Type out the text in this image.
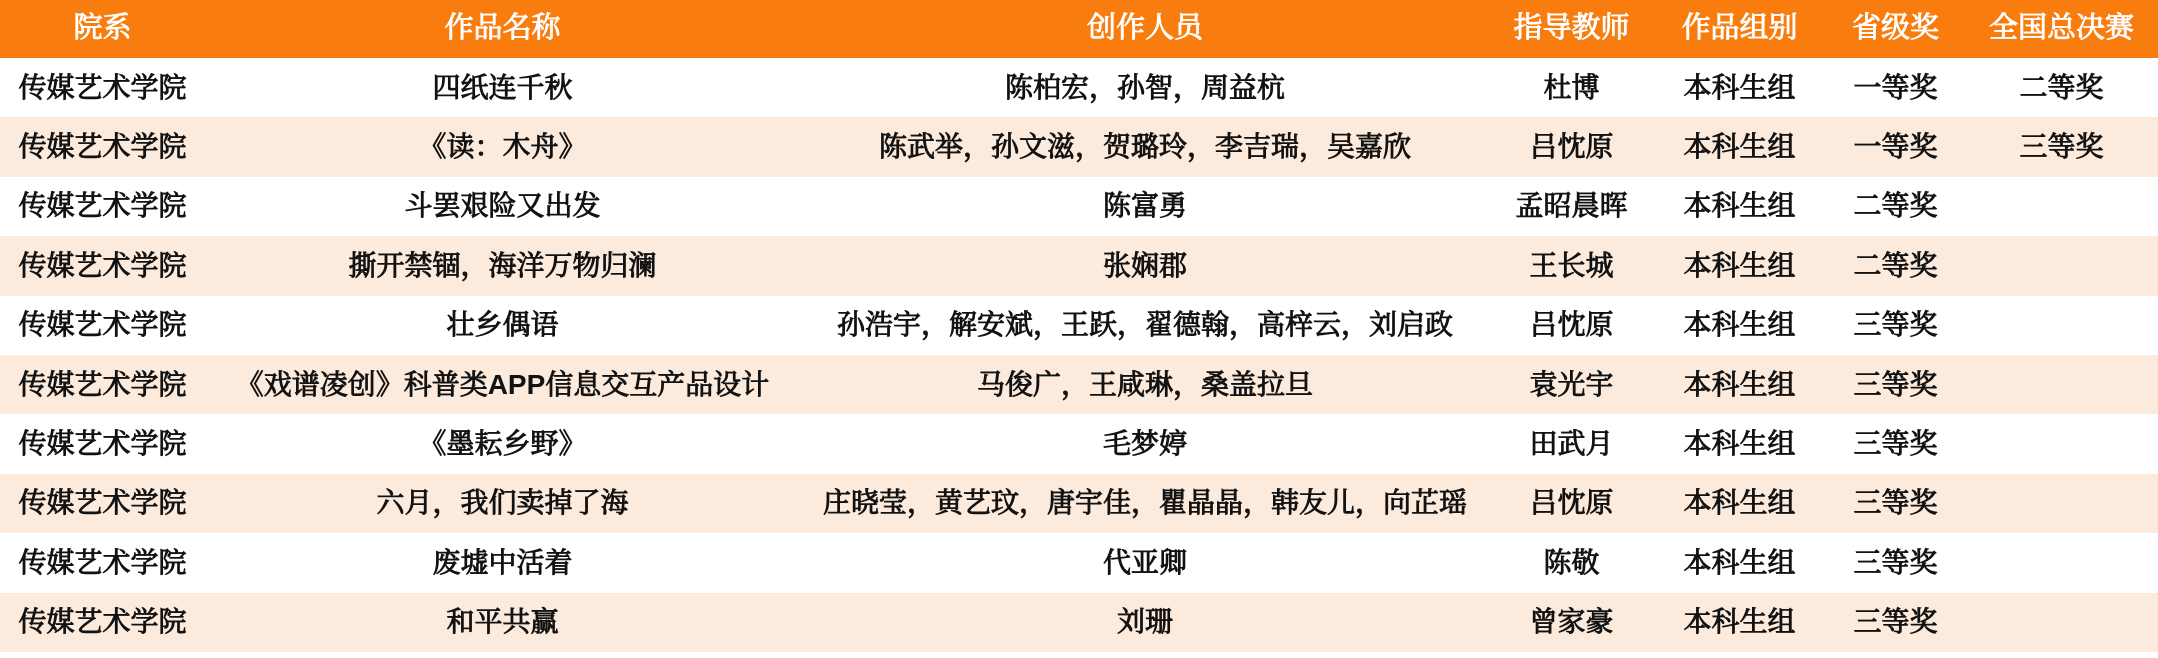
院系	作品名称	创作人员	指导教师	作品组别	省级奖	全国总决赛
传媒艺术学院	四纸连千秋	陈柏宏，孙智，周益杭	杜博	本科生组	一等奖	二等奖
传媒艺术学院	《读：木舟》	陈武举，孙文滋，贺璐玲，李吉瑞，吴嘉欣	吕忱原	本科生组	一等奖	三等奖
传媒艺术学院	斗罢艰险又出发	陈富勇	孟昭晨晖	本科生组	二等奖
传媒艺术学院	撕开禁锢，海洋万物归澜	张娴郡	王长城	本科生组	二等奖
传媒艺术学院	壮乡偶语	孙浩宇，解安斌，王跃，翟德翰，高梓云，刘启政	吕忱原	本科生组	三等奖
传媒艺术学院	《戏谱凌创》科普类APP信息交互产品设计	马俊广，王咸琳，桑盖拉旦	袁光宇	本科生组	三等奖
传媒艺术学院	《墨耘乡野》	毛梦婷	田武月	本科生组	三等奖
传媒艺术学院	六月，我们卖掉了海	庄晓莹，黄艺玟，唐宇佳，瞿晶晶，韩友儿，向芷瑶	吕忱原	本科生组	三等奖
传媒艺术学院	废墟中活着	代亚卿	陈敬	本科生组	三等奖
传媒艺术学院	和平共赢	刘珊	曾家豪	本科生组	三等奖
